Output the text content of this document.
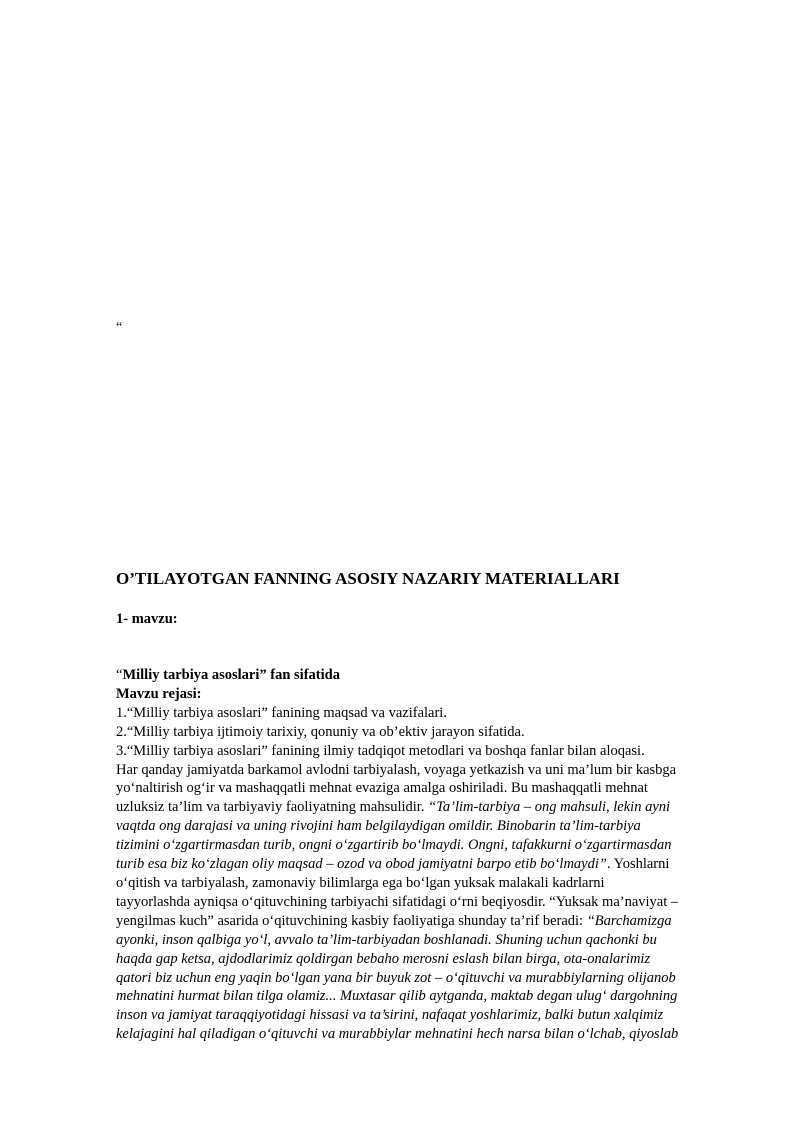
“
O’TILAYOTGAN FANNING ASOSIY NAZARIY MATERIALLARI
1- mavzu:

“Milliy tarbiya asoslari” fan sifatida

Mavzu rejasi:

1.“Milliy tarbiya asoslari” fanining maqsad va vazifalari.

2.“Milliy tarbiya ijtimoiy tarixiy, qonuniy va ob’ektiv jarayon sifatida.

3.“Milliy tarbiya asoslari” fanining ilmiy tadqiqot metodlari va boshqa fanlar bilan aloqasi.

Har qanday jamiyatda barkamol avlodni tarbiyalash, voyaga yetkazish va uni ma’lum bir kasbga
yo‘naltirish og‘ir va mashaqqatli mehnat evaziga amalga oshiriladi. Bu mashaqqatli mehnat
uzluksiz ta’lim va tarbiyaviy faoliyatning mahsulidir. “Ta’lim-tarbiya – ong mahsuli, lekin ayni
vaqtda ong darajasi va uning rivojini ham belgilaydigan omildir. Binobarin ta’lim-tarbiya
tizimini o‘zgartirmasdan turib, ongni o‘zgartirib bo‘lmaydi. Ongni, tafakkurni o‘zgartirmasdan
turib esa biz ko‘zlagan oliy maqsad – ozod va obod jamiyatni barpo etib bo‘lmaydi”. Yoshlarni
o‘qitish va tarbiyalash, zamonaviy bilimlarga ega bo‘lgan yuksak malakali kadrlarni
tayyorlashda ayniqsa o‘qituvchining tarbiyachi sifatidagi o‘rni beqiyosdir. “Yuksak ma’naviyat –
yengilmas kuch” asarida o‘qituvchining kasbiy faoliyatiga shunday ta’rif beradi: “Barchamizga
ayonki, inson qalbiga yo‘l, avvalo ta’lim-tarbiyadan boshlanadi. Shuning uchun qachonki bu
haqda gap ketsa, ajdodlarimiz qoldirgan bebaho merosni eslash bilan birga, ota-onalarimiz
qatori biz uchun eng yaqin bo‘lgan yana bir buyuk zot – o‘qituvchi va murabbiylarning olijanob
mehnatini hurmat bilan tilga olamiz... Muxtasar qilib aytganda, maktab degan ulug‘ dargohning
inson va jamiyat taraqqiyotidagi hissasi va ta’sirini, nafaqat yoshlarimiz, balki butun xalqimiz
kelajagini hal qiladigan o‘qituvchi va murabbiylar mehnatini hech narsa bilan o‘lchab, qiyoslab
